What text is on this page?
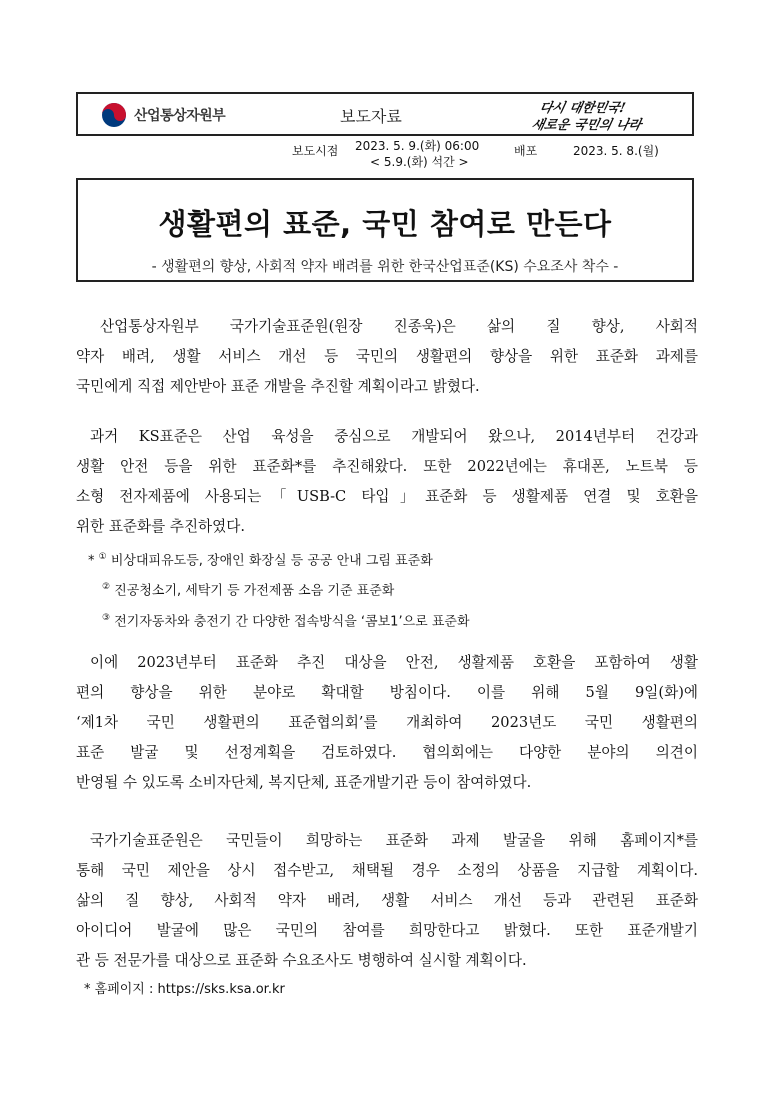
산업통상자원부	보도자료	다시 대한민국!
새로운 국민의 나라
보도시점 2023. 5. 9.(화) 06:00
< 5.9.(화) 석간 >
배포	2023. 5. 8.(월)
생활편의 표준, 국민 참여로 만든다
- 생활편의 향상, 사회적 약자 배려를 위한 한국산업표준(KS) 수요조사 착수 -
산업통상자원부 국가기술표준원(원장 진종욱)은 삶의 질 향상, 사회적
약자 배려, 생활 서비스 개선 등 국민의 생활편의 향상을 위한 표준화 과제를
국민에게 직접 제안받아 표준 개발을 추진할 계획이라고 밝혔다.
과거 KS표준은 산업 육성을 중심으로 개발되어 왔으나, 2014년부터 건강과
생활 안전 등을 위한 표준화*를 추진해왔다. 또한 2022년에는 휴대폰, 노트북 등
소형 전자제품에 사용되는「USB-C 타입」표준화 등 생활제품 연결 및 호환을
위한 표준화를 추진하였다.
* ① 비상대피유도등, 장애인 화장실 등 공공 안내 그림 표준화
② 진공청소기, 세탁기 등 가전제품 소음 기준 표준화
③ 전기자동차와 충전기 간 다양한 접속방식을 ‘콤보1’으로 표준화
이에 2023년부터 표준화 추진 대상을 안전, 생활제품 호환을 포함하여 생활
편의 향상을 위한 분야로 확대할 방침이다. 이를 위해 5월 9일(화)에
‘제1차 국민 생활편의 표준협의회’를 개최하여 2023년도 국민 생활편의
표준 발굴 및 선정계획을 검토하였다. 협의회에는 다양한 분야의 의견이
반영될 수 있도록 소비자단체, 복지단체, 표준개발기관 등이 참여하였다.
국가기술표준원은 국민들이 희망하는 표준화 과제 발굴을 위해 홈페이지*를
통해 국민 제안을 상시 접수받고, 채택될 경우 소정의 상품을 지급할 계획이다.
삶의 질 향상, 사회적 약자 배려, 생활 서비스 개선 등과 관련된 표준화
아이디어 발굴에 많은 국민의 참여를 희망한다고 밝혔다. 또한 표준개발기
관 등 전문가를 대상으로 표준화 수요조사도 병행하여 실시할 계획이다.
* 홈페이지 : https://sks.ksa.or.kr
